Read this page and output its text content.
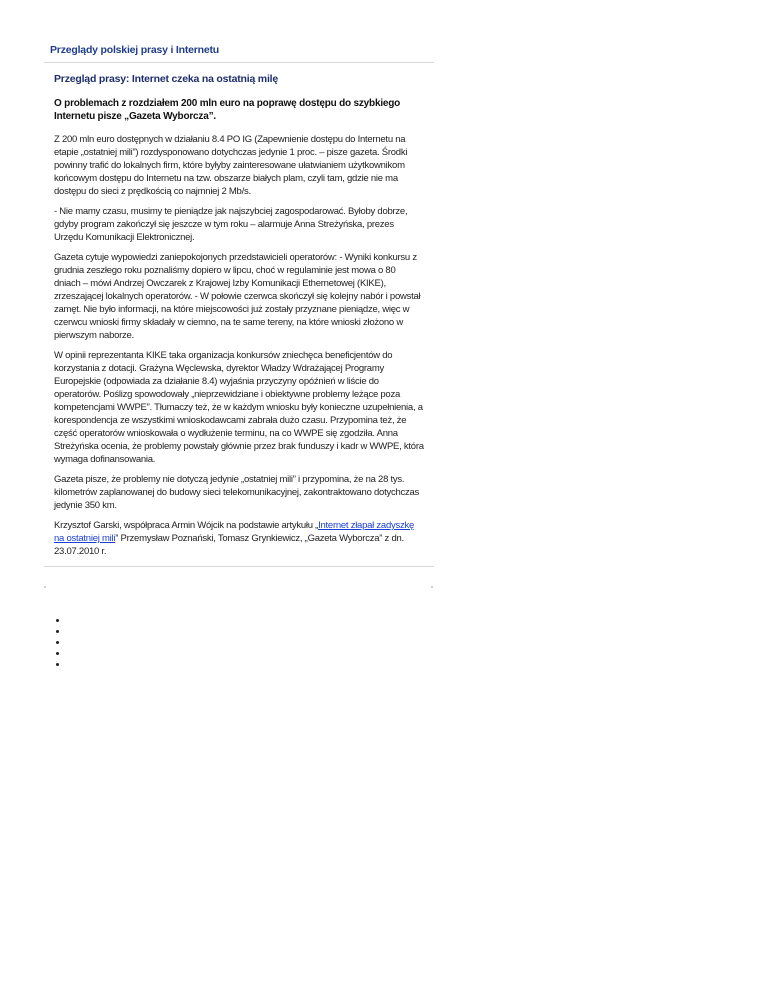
Przeglądy polskiej prasy i Internetu
Przegląd prasy: Internet czeka na ostatnią milę

O problemach z rozdziałem 200 mln euro na poprawę dostępu do szybkiego Internetu pisze „Gazeta Wyborcza”.

Z 200 mln euro dostępnych w działaniu 8.4 PO IG (Zapewnienie dostępu do Internetu na etapie „ostatniej mili”) rozdysponowano dotychczas jedynie 1 proc. – pisze gazeta. Środki powinny trafić do lokalnych firm, które byłyby zainteresowane ułatwianiem użytkownikom końcowym dostępu do Internetu na tzw. obszarze białych plam, czyli tam, gdzie nie ma dostępu do sieci z prędkością co najmniej 2 Mb/s.

- Nie mamy czasu, musimy te pieniądze jak najszybciej zagospodarować. Byłoby dobrze, gdyby program zakończył się jeszcze w tym roku – alarmuje Anna Streżyńska, prezes Urzędu Komunikacji Elektronicznej.

Gazeta cytuje wypowiedzi zaniepokojonych przedstawicieli operatorów: - Wyniki konkursu z grudnia zeszłego roku poznaliśmy dopiero w lipcu, choć w regulaminie jest mowa o 80 dniach – mówi Andrzej Owczarek z Krajowej Izby Komunikacji Ethernetowej (KIKE), zrzeszającej lokalnych operatorów. - W połowie czerwca skończył się kolejny nabór i powstał zamęt. Nie było informacji, na które miejscowości już zostały przyznane pieniądze, więc w czerwcu wnioski firmy składały w ciemno, na te same tereny, na które wnioski złożono w pierwszym naborze.

W opinii reprezentanta KIKE taka organizacja konkursów zniechęca beneficjentów do korzystania z dotacji. Grażyna Węclewska, dyrektor Władzy Wdrażającej Programy Europejskie (odpowiada za działanie 8.4) wyjaśnia przyczyny opóźnień w liście do operatorów. Poślizg spowodowały „nieprzewidziane i obiektywne problemy leżące poza kompetencjami WWPE”. Tłumaczy też, że w każdym wniosku były konieczne uzupełnienia, a korespondencja ze wszystkimi wnioskodawcami zabrała dużo czasu. Przypomina też, że część operatorów wnioskowała o wydłużenie terminu, na co WWPE się zgodziła. Anna Streżyńska ocenia, że problemy powstały głównie przez brak funduszy i kadr w WWPE, która wymaga dofinansowania.

Gazeta pisze, że problemy nie dotyczą jedynie „ostatniej mili” i przypomina, że na 28 tys. kilometrów zaplanowanej do budowy sieci telekomunikacyjnej, zakontraktowano dotychczas jedynie 350 km.

Krzysztof Garski, współpraca Armin Wójcik na podstawie artykułu „Internet złapał zadyszkę na ostatniej mili” Przemysław Poznański, Tomasz Grynkiewicz, „Gazeta Wyborcza” z dn. 23.07.2010 r.

•
•
•
•
•
